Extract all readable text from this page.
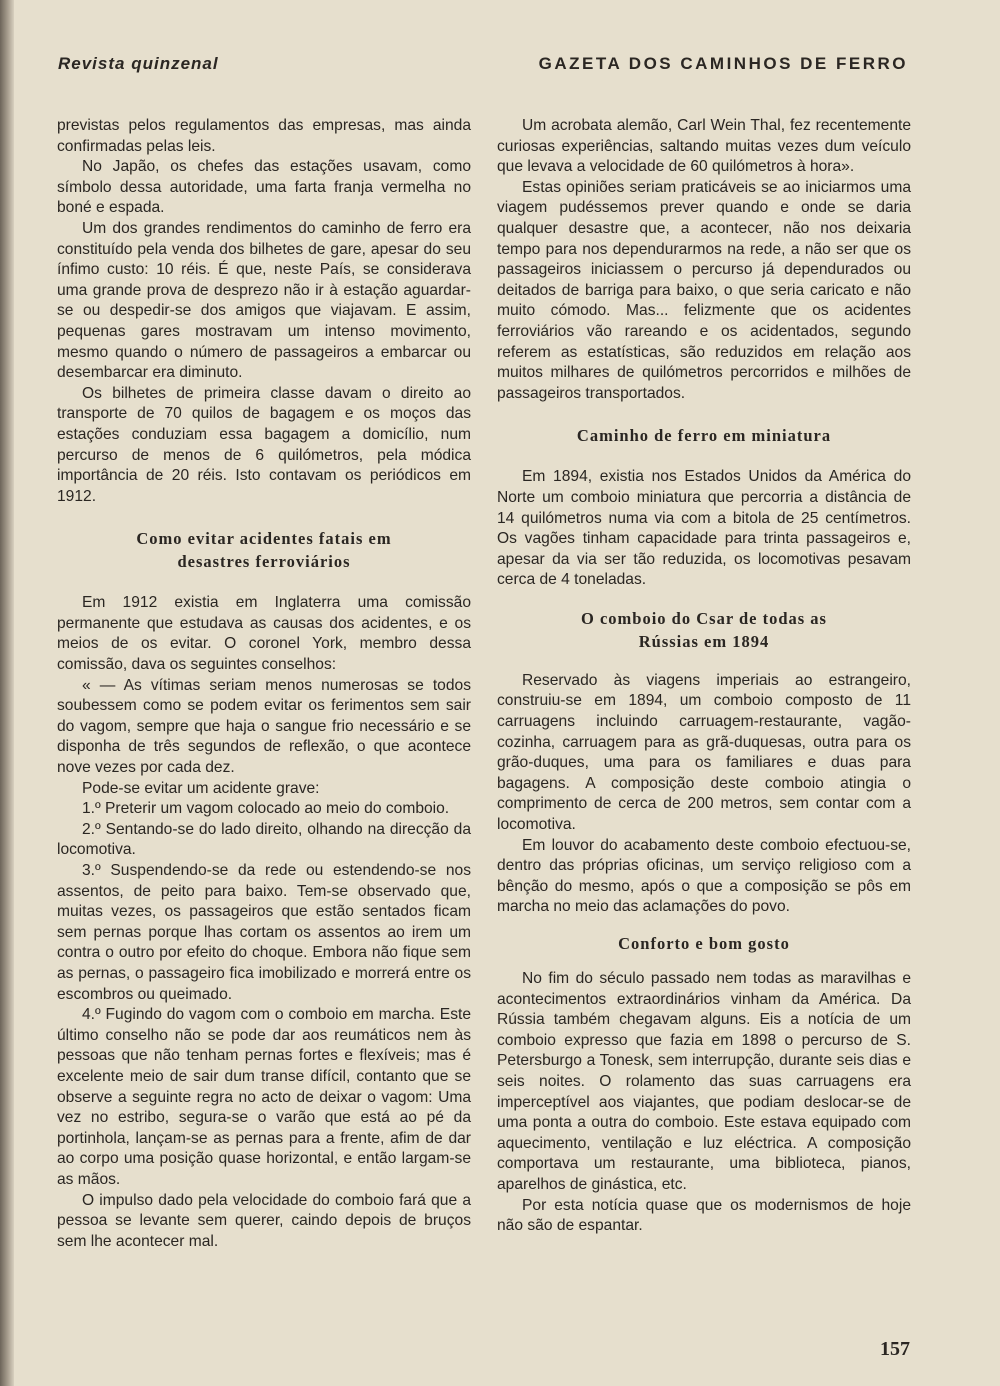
Revista quinzenal	GAZETA DOS CAMINHOS DE FERRO

previstas pelos regulamentos das empresas, mas ainda confirmadas pelas leis.

No Japão, os chefes das estações usavam, como símbolo dessa autoridade, uma farta franja vermelha no boné e espada.

Um dos grandes rendimentos do caminho de ferro era constituído pela venda dos bilhetes de gare, apesar do seu ínfimo custo: 10 réis. É que, neste País, se considerava uma grande prova de desprezo não ir à estação aguardar-se ou despedir-se dos amigos que viajavam. E assim, pequenas gares mostravam um intenso movimento, mesmo quando o número de passageiros a embarcar ou desembarcar era diminuto.

Os bilhetes de primeira classe davam o direito ao transporte de 70 quilos de bagagem e os moços das estações conduziam essa bagagem a domicílio, num percurso de menos de 6 quilómetros, pela módica importância de 20 réis. Isto contavam os periódicos em 1912.

Como evitar acidentes fatais em
desastres ferroviários

Em 1912 existia em Inglaterra uma comissão permanente que estudava as causas dos acidentes, e os meios de os evitar. O coronel York, membro dessa comissão, dava os seguintes conselhos:

« — As vítimas seriam menos numerosas se todos soubessem como se podem evitar os ferimentos sem sair do vagom, sempre que haja o sangue frio necessário e se disponha de três segundos de reflexão, o que acontece nove vezes por cada dez.

Pode-se evitar um acidente grave:

1.º Preterir um vagom colocado ao meio do comboio.

2.º Sentando-se do lado direito, olhando na direcção da locomotiva.

3.º Suspendendo-se da rede ou estendendo-se nos assentos, de peito para baixo. Tem-se observado que, muitas vezes, os passageiros que estão sentados ficam sem pernas porque lhas cortam os assentos ao irem um contra o outro por efeito do choque. Embora não fique sem as pernas, o passageiro fica imobilizado e morrerá entre os escombros ou queimado.

4.º Fugindo do vagom com o comboio em marcha. Este último conselho não se pode dar aos reumáticos nem às pessoas que não tenham pernas fortes e flexíveis; mas é excelente meio de sair dum transe difícil, contanto que se observe a seguinte regra no acto de deixar o vagom: Uma vez no estribo, segura-se o varão que está ao pé da portinhola, lançam-se as pernas para a frente, afim de dar ao corpo uma posição quase horizontal, e então largam-se as mãos.

O impulso dado pela velocidade do comboio fará que a pessoa se levante sem querer, caindo depois de bruços sem lhe acontecer mal.

Um acrobata alemão, Carl Wein Thal, fez recentemente curiosas experiências, saltando muitas vezes dum veículo que levava a velocidade de 60 quilómetros à hora».

Estas opiniões seriam praticáveis se ao iniciarmos uma viagem pudéssemos prever quando e onde se daria qualquer desastre que, a acontecer, não nos deixaria tempo para nos dependurarmos na rede, a não ser que os passageiros iniciassem o percurso já dependurados ou deitados de barriga para baixo, o que seria caricato e não muito cómodo. Mas... felizmente que os acidentes ferroviários vão rareando e os acidentados, segundo referem as estatísticas, são reduzidos em relação aos muitos milhares de quilómetros percorridos e milhões de passageiros transportados.

Caminho de ferro em miniatura

Em 1894, existia nos Estados Unidos da América do Norte um comboio miniatura que percorria a distância de 14 quilómetros numa via com a bitola de 25 centímetros. Os vagões tinham capacidade para trinta passageiros e, apesar da via ser tão reduzida, os locomotivas pesavam cerca de 4 toneladas.

O comboio do Csar de todas as
Rússias em 1894

Reservado às viagens imperiais ao estrangeiro, construiu-se em 1894, um comboio composto de 11 carruagens incluindo carruagem-restaurante, vagão-cozinha, carruagem para as grã-duquesas, outra para os grão-duques, uma para os familiares e duas para bagagens. A composição deste comboio atingia o comprimento de cerca de 200 metros, sem contar com a locomotiva.

Em louvor do acabamento deste comboio efectuou-se, dentro das próprias oficinas, um serviço religioso com a bênção do mesmo, após o que a composição se pôs em marcha no meio das aclamações do povo.

Conforto e bom gosto

No fim do século passado nem todas as maravilhas e acontecimentos extraordinários vinham da América. Da Rússia também chegavam alguns. Eis a notícia de um comboio expresso que fazia em 1898 o percurso de S. Petersburgo a Tonesk, sem interrupção, durante seis dias e seis noites. O rolamento das suas carruagens era imperceptível aos viajantes, que podiam deslocar-se de uma ponta a outra do comboio. Este estava equipado com aquecimento, ventilação e luz eléctrica. A composição comportava um restaurante, uma biblioteca, pianos, aparelhos de ginástica, etc.

Por esta notícia quase que os modernismos de hoje não são de espantar.

157
